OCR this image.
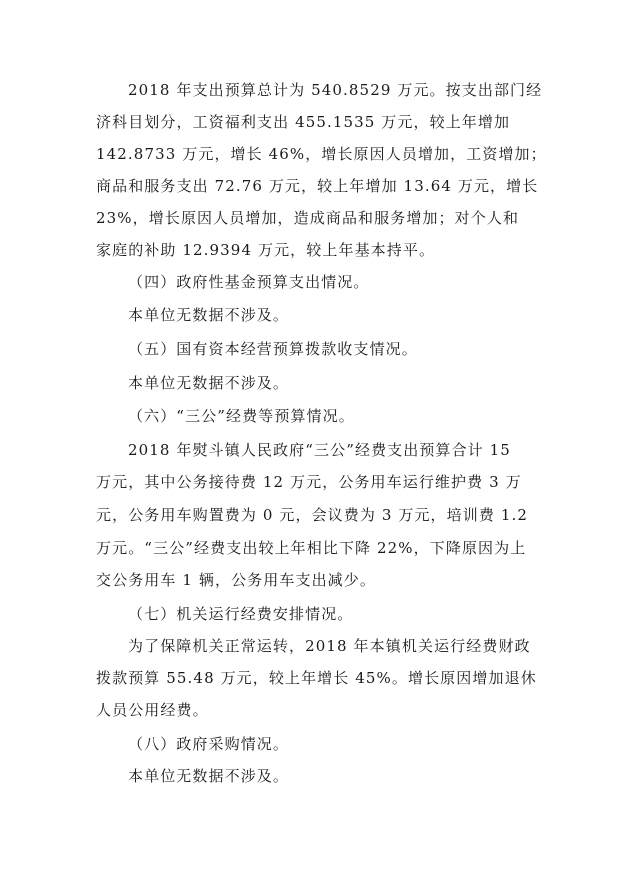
2018 年支出预算总计为 540.8529 万元。按支出部门经
济科目划分，工资福利支出 455.1535 万元，较上年增加
142.8733 万元，增长 46%，增长原因人员增加，工资增加；
商品和服务支出 72.76 万元，较上年增加 13.64 万元，增长
23%，增长原因人员增加，造成商品和服务增加；对个人和
家庭的补助 12.9394 万元，较上年基本持平。
（四）政府性基金预算支出情况。
本单位无数据不涉及。
（五）国有资本经营预算拨款收支情况。
本单位无数据不涉及。
（六）“三公”经费等预算情况。
2018 年熨斗镇人民政府“三公”经费支出预算合计 15
万元，其中公务接待费 12 万元，公务用车运行维护费 3 万
元，公务用车购置费为 0 元，会议费为 3 万元，培训费 1.2
万元。“三公”经费支出较上年相比下降 22%，下降原因为上
交公务用车 1 辆，公务用车支出减少。
（七）机关运行经费安排情况。
为了保障机关正常运转，2018 年本镇机关运行经费财政
拨款预算 55.48 万元，较上年增长 45%。增长原因增加退休
人员公用经费。
（八）政府采购情况。
本单位无数据不涉及。
